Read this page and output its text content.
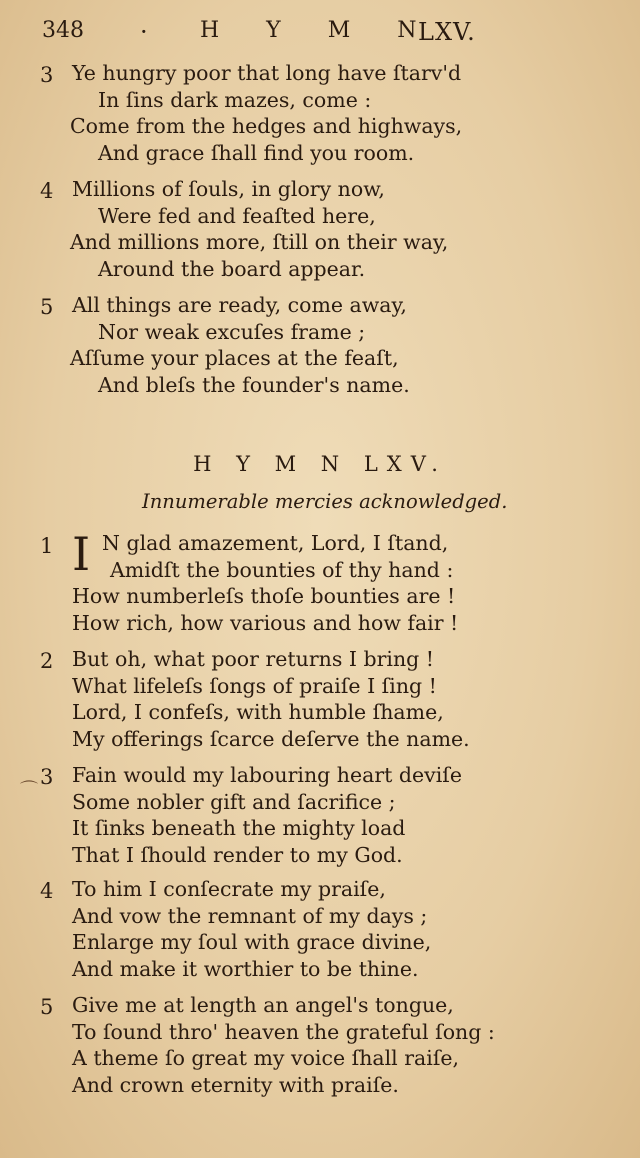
348 · H Y M N
LXV.
3 Ye hungry poor that long have ſtarv'd
In ſins dark mazes, come :
Come from the hedges and highways,
And grace ſhall find you room.
4 Millions of ſouls, in glory now,
Were fed and feaſted here,
And millions more, ſtill on their way,
Around the board appear.
5 All things are ready, come away,
Nor weak excuſes frame ;
Aſſume your places at the feaſt,
And bleſs the founder's name.
H Y M N LXV.
Innumerable mercies acknowledged.
1 I N glad amazement, Lord, I ſtand,
Amidſt the bounties of thy hand :
How numberleſs thoſe bounties are !
How rich, how various and how fair !
2 But oh, what poor returns I bring !
What lifeleſs ſongs of praiſe I ſing !
Lord, I confeſs, with humble ſhame,
My offerings ſcarce deſerve the name.
⌒
3 Fain would my labouring heart deviſe
Some nobler gift and ſacrifice ;
It ſinks beneath the mighty load
That I ſhould render to my God.
4 To him I conſecrate my praiſe,
And vow the remnant of my days ;
Enlarge my ſoul with grace divine,
And make it worthier to be thine.
5 Give me at length an angel's tongue,
To ſound thro' heaven the grateful ſong :
A theme ſo great my voice ſhall raiſe,
And crown eternity with praiſe.
